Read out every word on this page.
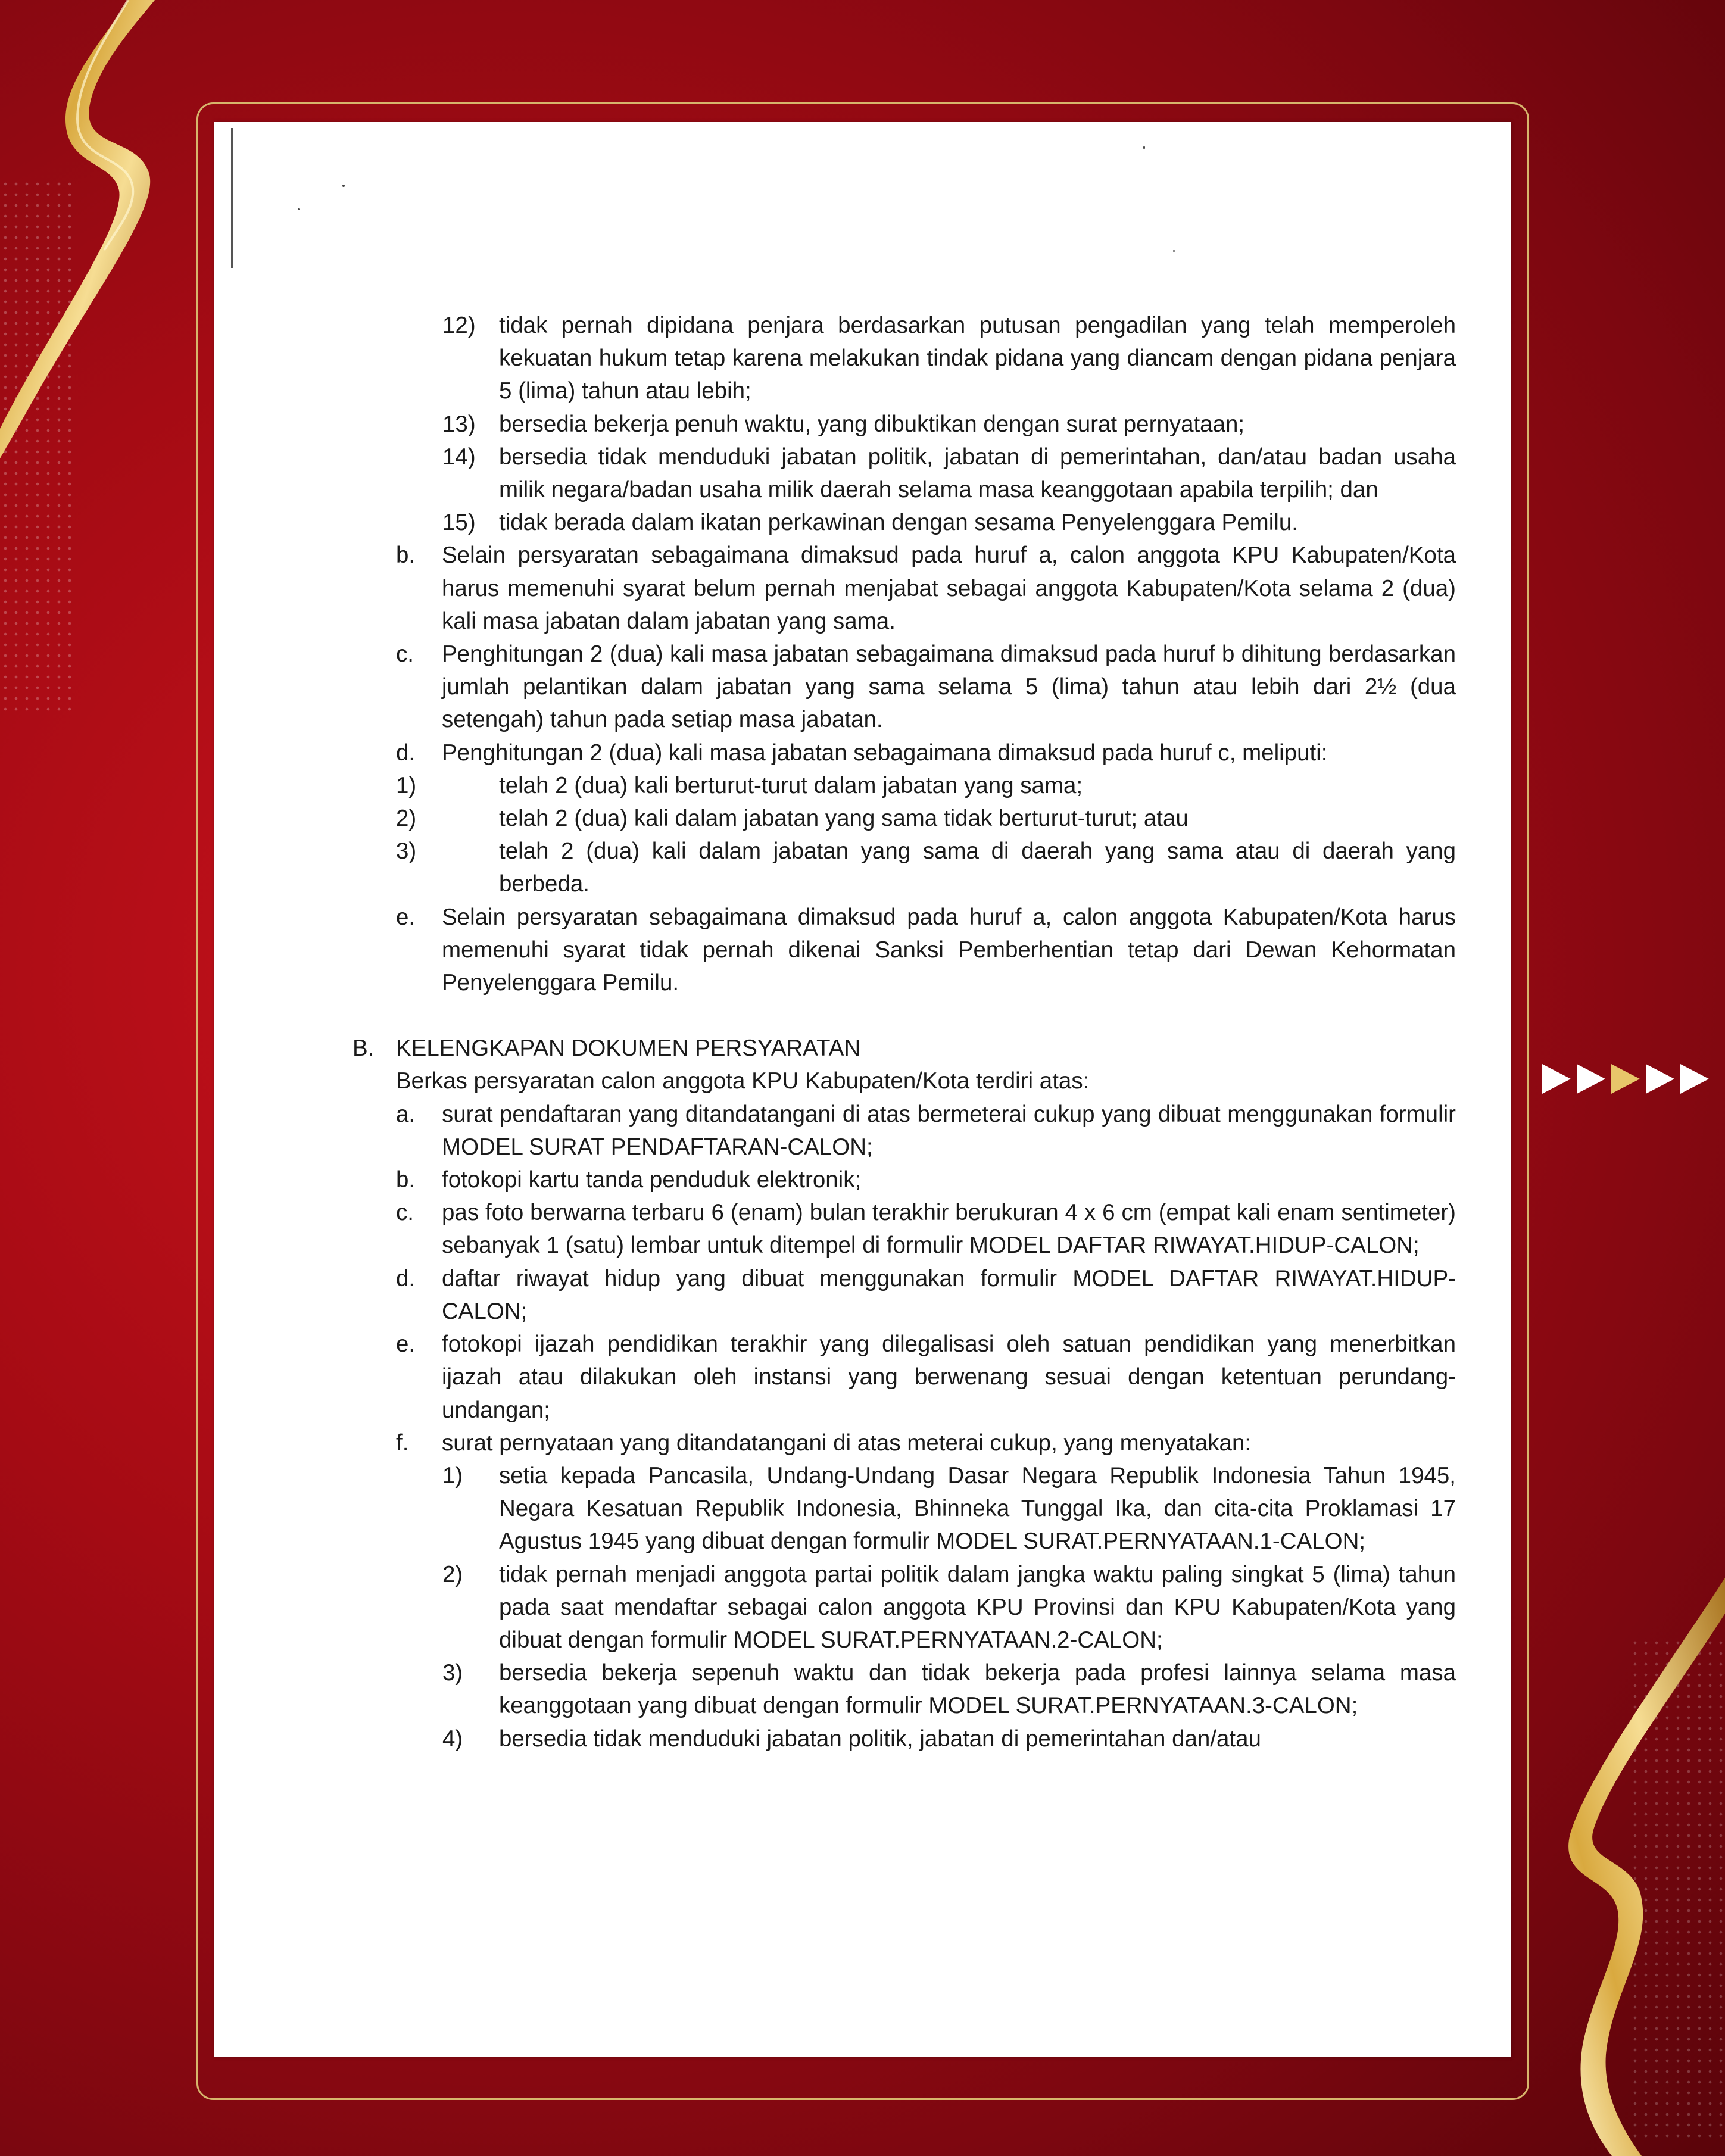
12) tidak pernah dipidana penjara berdasarkan putusan pengadilan yang telah memperoleh kekuatan hukum tetap karena melakukan tindak pidana yang diancam dengan pidana penjara 5 (lima) tahun atau lebih;
13) bersedia bekerja penuh waktu, yang dibuktikan dengan surat pernyataan;
14) bersedia tidak menduduki jabatan politik, jabatan di pemerintahan, dan/atau badan usaha milik negara/badan usaha milik daerah selama masa keanggotaan apabila terpilih; dan
15) tidak berada dalam ikatan perkawinan dengan sesama Penyelenggara Pemilu.
b. Selain persyaratan sebagaimana dimaksud pada huruf a, calon anggota KPU Kabupaten/Kota harus memenuhi syarat belum pernah menjabat sebagai anggota Kabupaten/Kota selama 2 (dua) kali masa jabatan dalam jabatan yang sama.
c. Penghitungan 2 (dua) kali masa jabatan sebagaimana dimaksud pada huruf b dihitung berdasarkan jumlah pelantikan dalam jabatan yang sama selama 5 (lima) tahun atau lebih dari 2½ (dua setengah) tahun pada setiap masa jabatan.
d. Penghitungan 2 (dua) kali masa jabatan sebagaimana dimaksud pada huruf c, meliputi:
1)	telah 2 (dua) kali berturut-turut dalam jabatan yang sama;
2)	telah 2 (dua) kali dalam jabatan yang sama tidak berturut-turut; atau
3)	telah 2 (dua) kali dalam jabatan yang sama di daerah yang sama atau di daerah yang berbeda.
e. Selain persyaratan sebagaimana dimaksud pada huruf a, calon anggota Kabupaten/Kota harus memenuhi syarat tidak pernah dikenai Sanksi Pemberhentian tetap dari Dewan Kehormatan Penyelenggara Pemilu.
B. KELENGKAPAN DOKUMEN PERSYARATAN
Berkas persyaratan calon anggota KPU Kabupaten/Kota terdiri atas:
a. surat pendaftaran yang ditandatangani di atas bermeterai cukup yang dibuat menggunakan formulir MODEL SURAT PENDAFTARAN-CALON;
b. fotokopi kartu tanda penduduk elektronik;
c. pas foto berwarna terbaru 6 (enam) bulan terakhir berukuran 4 x 6 cm (empat kali enam sentimeter) sebanyak 1 (satu) lembar untuk ditempel di formulir MODEL DAFTAR RIWAYAT.HIDUP-CALON;
d. daftar riwayat hidup yang dibuat menggunakan formulir MODEL DAFTAR RIWAYAT.HIDUP-CALON;
e. fotokopi ijazah pendidikan terakhir yang dilegalisasi oleh satuan pendidikan yang menerbitkan ijazah atau dilakukan oleh instansi yang berwenang sesuai dengan ketentuan perundang-undangan;
f. surat pernyataan yang ditandatangani di atas meterai cukup, yang menyatakan:
1) setia kepada Pancasila, Undang-Undang Dasar Negara Republik Indonesia Tahun 1945, Negara Kesatuan Republik Indonesia, Bhinneka Tunggal Ika, dan cita-cita Proklamasi 17 Agustus 1945 yang dibuat dengan formulir MODEL SURAT.PERNYATAAN.1-CALON;
2) tidak pernah menjadi anggota partai politik dalam jangka waktu paling singkat 5 (lima) tahun pada saat mendaftar sebagai calon anggota KPU Provinsi dan KPU Kabupaten/Kota yang dibuat dengan formulir MODEL SURAT.PERNYATAAN.2-CALON;
3) bersedia bekerja sepenuh waktu dan tidak bekerja pada profesi lainnya selama masa keanggotaan yang dibuat dengan formulir MODEL SURAT.PERNYATAAN.3-CALON;
4) bersedia tidak menduduki jabatan politik, jabatan di pemerintahan dan/atau
